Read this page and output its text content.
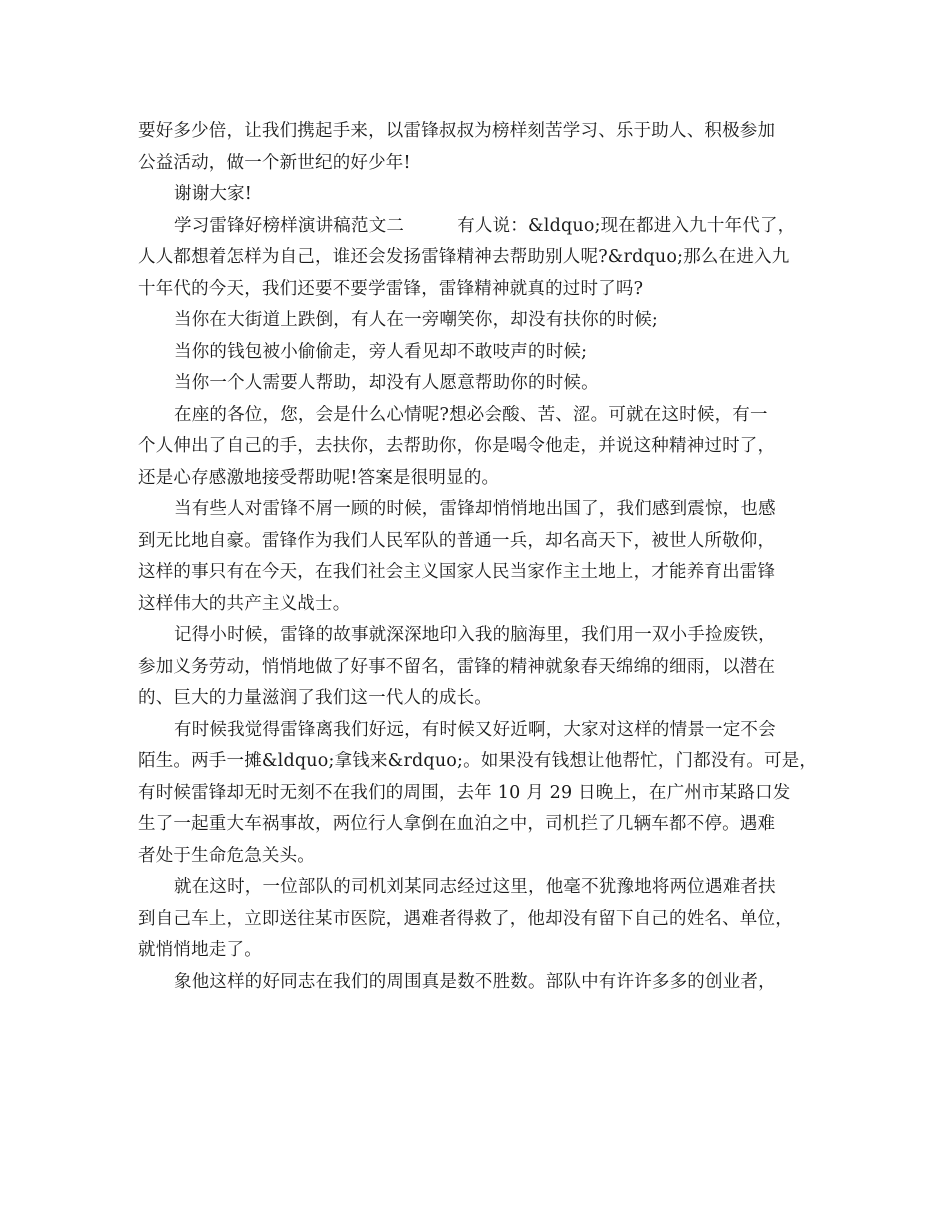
要好多少倍，让我们携起手来，以雷锋叔叔为榜样刻苦学习、乐于助人、积极参加
公益活动，做一个新世纪的好少年!
谢谢大家!
学习雷锋好榜样演讲稿范文二　　　有人说：&ldquo;现在都进入九十年代了，
人人都想着怎样为自己，谁还会发扬雷锋精神去帮助别人呢?&rdquo;那么在进入九
十年代的今天，我们还要不要学雷锋，雷锋精神就真的过时了吗?
当你在大街道上跌倒，有人在一旁嘲笑你，却没有扶你的时候;
当你的钱包被小偷偷走，旁人看见却不敢吱声的时候;
当你一个人需要人帮助，却没有人愿意帮助你的时候。
在座的各位，您，会是什么心情呢?想必会酸、苦、涩。可就在这时候，有一
个人伸出了自己的手，去扶你，去帮助你，你是喝令他走，并说这种精神过时了，
还是心存感激地接受帮助呢!答案是很明显的。
当有些人对雷锋不屑一顾的时候，雷锋却悄悄地出国了，我们感到震惊，也感
到无比地自豪。雷锋作为我们人民军队的普通一兵，却名高天下，被世人所敬仰，
这样的事只有在今天，在我们社会主义国家人民当家作主土地上，才能养育出雷锋
这样伟大的共产主义战士。
记得小时候，雷锋的故事就深深地印入我的脑海里，我们用一双小手捡废铁，
参加义务劳动，悄悄地做了好事不留名，雷锋的精神就象春天绵绵的细雨，以潜在
的、巨大的力量滋润了我们这一代人的成长。
有时候我觉得雷锋离我们好远，有时候又好近啊，大家对这样的情景一定不会
陌生。两手一摊&ldquo;拿钱来&rdquo;。如果没有钱想让他帮忙，门都没有。可是，
有时候雷锋却无时无刻不在我们的周围，去年 10 月 29 日晚上，在广州市某路口发
生了一起重大车祸事故，两位行人拿倒在血泊之中，司机拦了几辆车都不停。遇难
者处于生命危急关头。
就在这时，一位部队的司机刘某同志经过这里，他毫不犹豫地将两位遇难者扶
到自己车上，立即送往某市医院，遇难者得救了，他却没有留下自己的姓名、单位，
就悄悄地走了。
象他这样的好同志在我们的周围真是数不胜数。部队中有许许多多的创业者，
